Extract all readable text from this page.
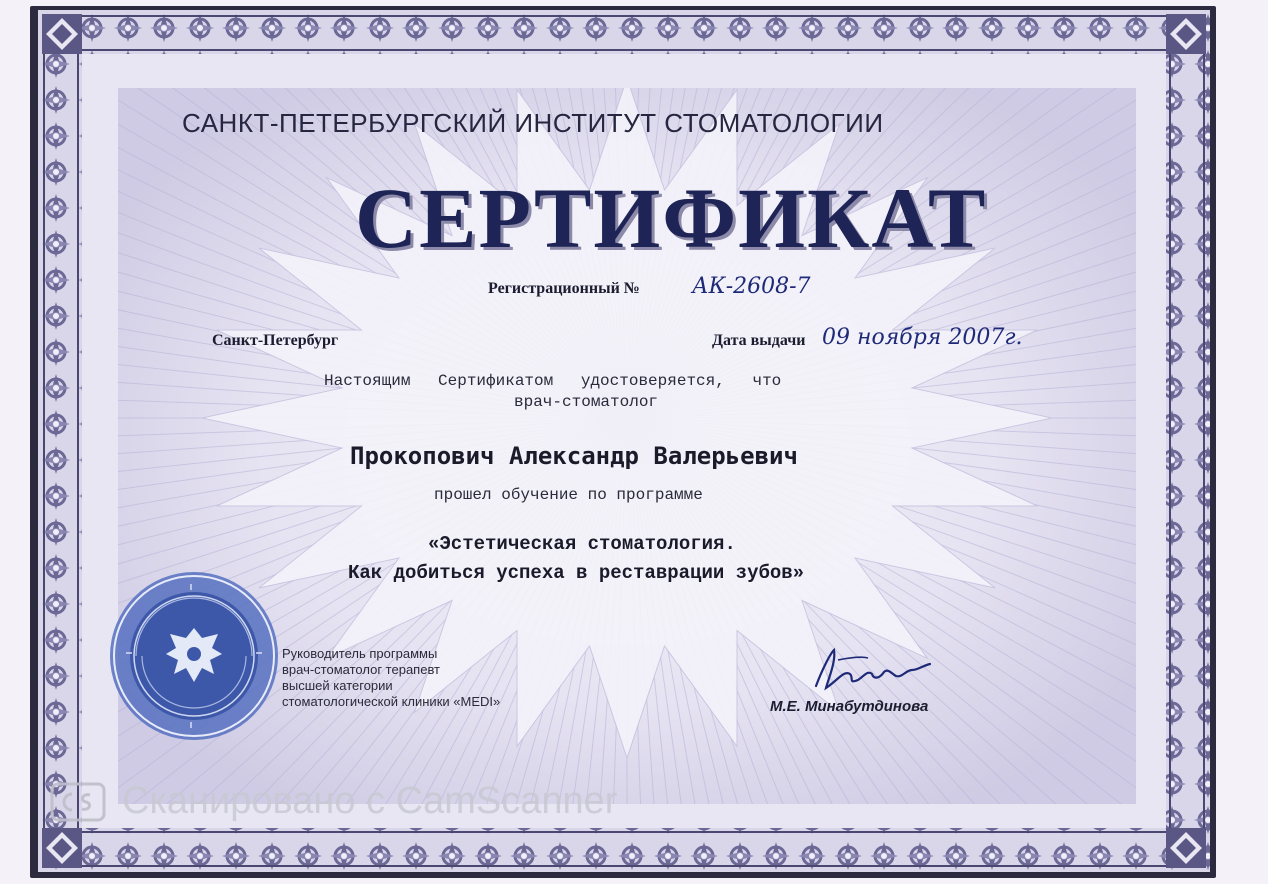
САНКТ-ПЕТЕРБУРГСКИЙ ИНСТИТУТ СТОМАТОЛОГИИ
СЕРТИФИКАТ
Регистрационный № АК-2608-7
Санкт-Петербург	Дата выдачи 09 ноября 2007г.
Настоящим Сертификатом удостоверяется, что
врач-стоматолог
Прокопович Александр Валерьевич
прошел обучение по программе
«Эстетическая стоматология.
Как добиться успеха в реставрации зубов»
Руководитель программы
врач-стоматолог терапевт
высшей категории
стоматологической клиники «MEDI»	М.Е. Минабутдинова
Сканировано с CamScanner
